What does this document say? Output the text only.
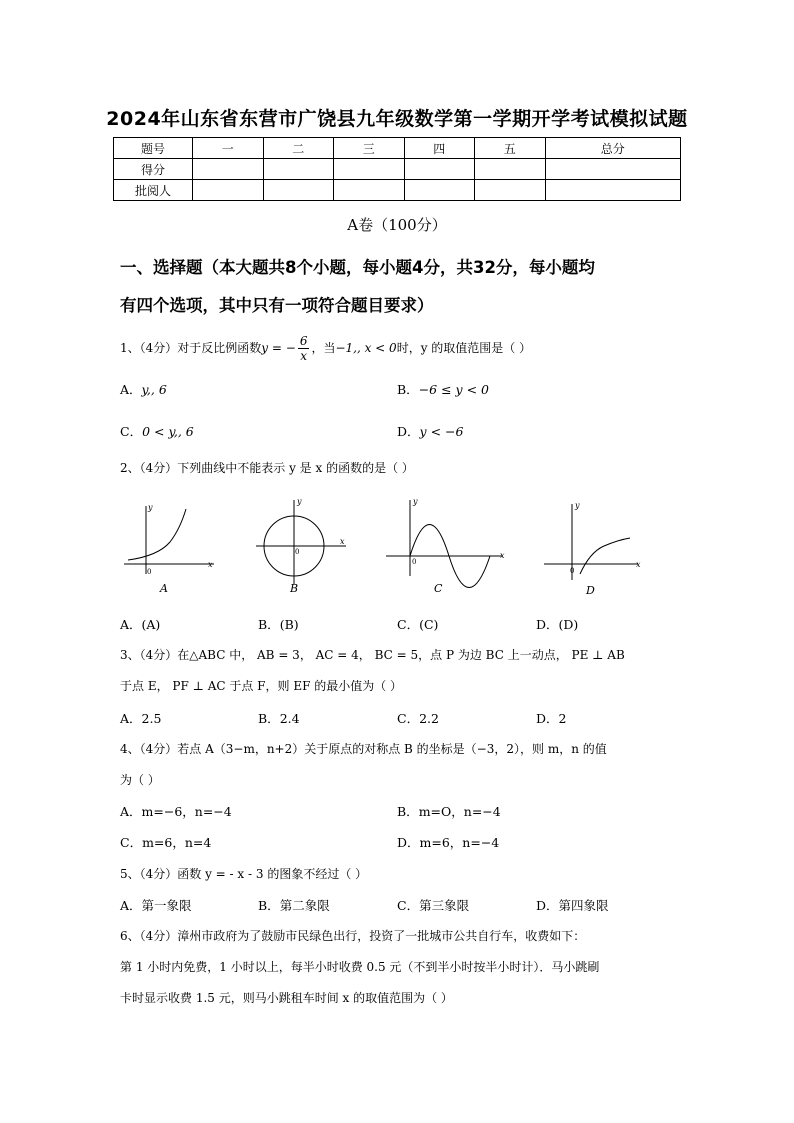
2024年山东省东营市广饶县九年级数学第一学期开学考试模拟试题
题号	一	二	三	四	五	总分
得分						
批阅人						
A卷（100分）
一、选择题（本大题共8个小题，每小题4分，共32分，每小题均
有四个选项，其中只有一项符合题目要求）
1、（4分）对于反比例函数y = − $\frac{6}{x}$ ，当−1,, x < 0时，y 的取值范围是（ ）
A．y,, 6	B．−6 ≤ y < 0
C．0 < y,, 6	D．y < −6
2、（4分）下列曲线中不能表示 y 是 x 的函数的是（ ）
x
y
0
A
x
y
0
B
x
y
0
C
x
y
0
D
A．(A)	B．(B)	C．(C)	D．(D)
3、（4分）在△ABC 中， AB = 3， AC = 4， BC = 5，点 P 为边 BC 上一动点， PE ⊥ AB
于点 E， PF ⊥ AC 于点 F，则 EF 的最小值为（ ）
A．2.5	B．2.4	C．2.2	D．2
4、（4分）若点 A（3−m，n+2）关于原点的对称点 B 的坐标是（−3，2），则 m，n 的值
为（ ）
A．m=−6，n=−4	B．m=O，n=−4
C．m=6，n=4	D．m=6，n=−4
5、（4分）函数 y = - x - 3 的图象不经过（ ）
A．第一象限	B．第二象限	C．第三象限	D．第四象限
6、（4分）漳州市政府为了鼓励市民绿色出行，投资了一批城市公共自行车，收费如下：
第 1 小时内免费，1 小时以上，每半小时收费 0.5 元（不到半小时按半小时计）．马小跳刷
卡时显示收费 1.5 元，则马小跳租车时间 x 的取值范围为（ ）
